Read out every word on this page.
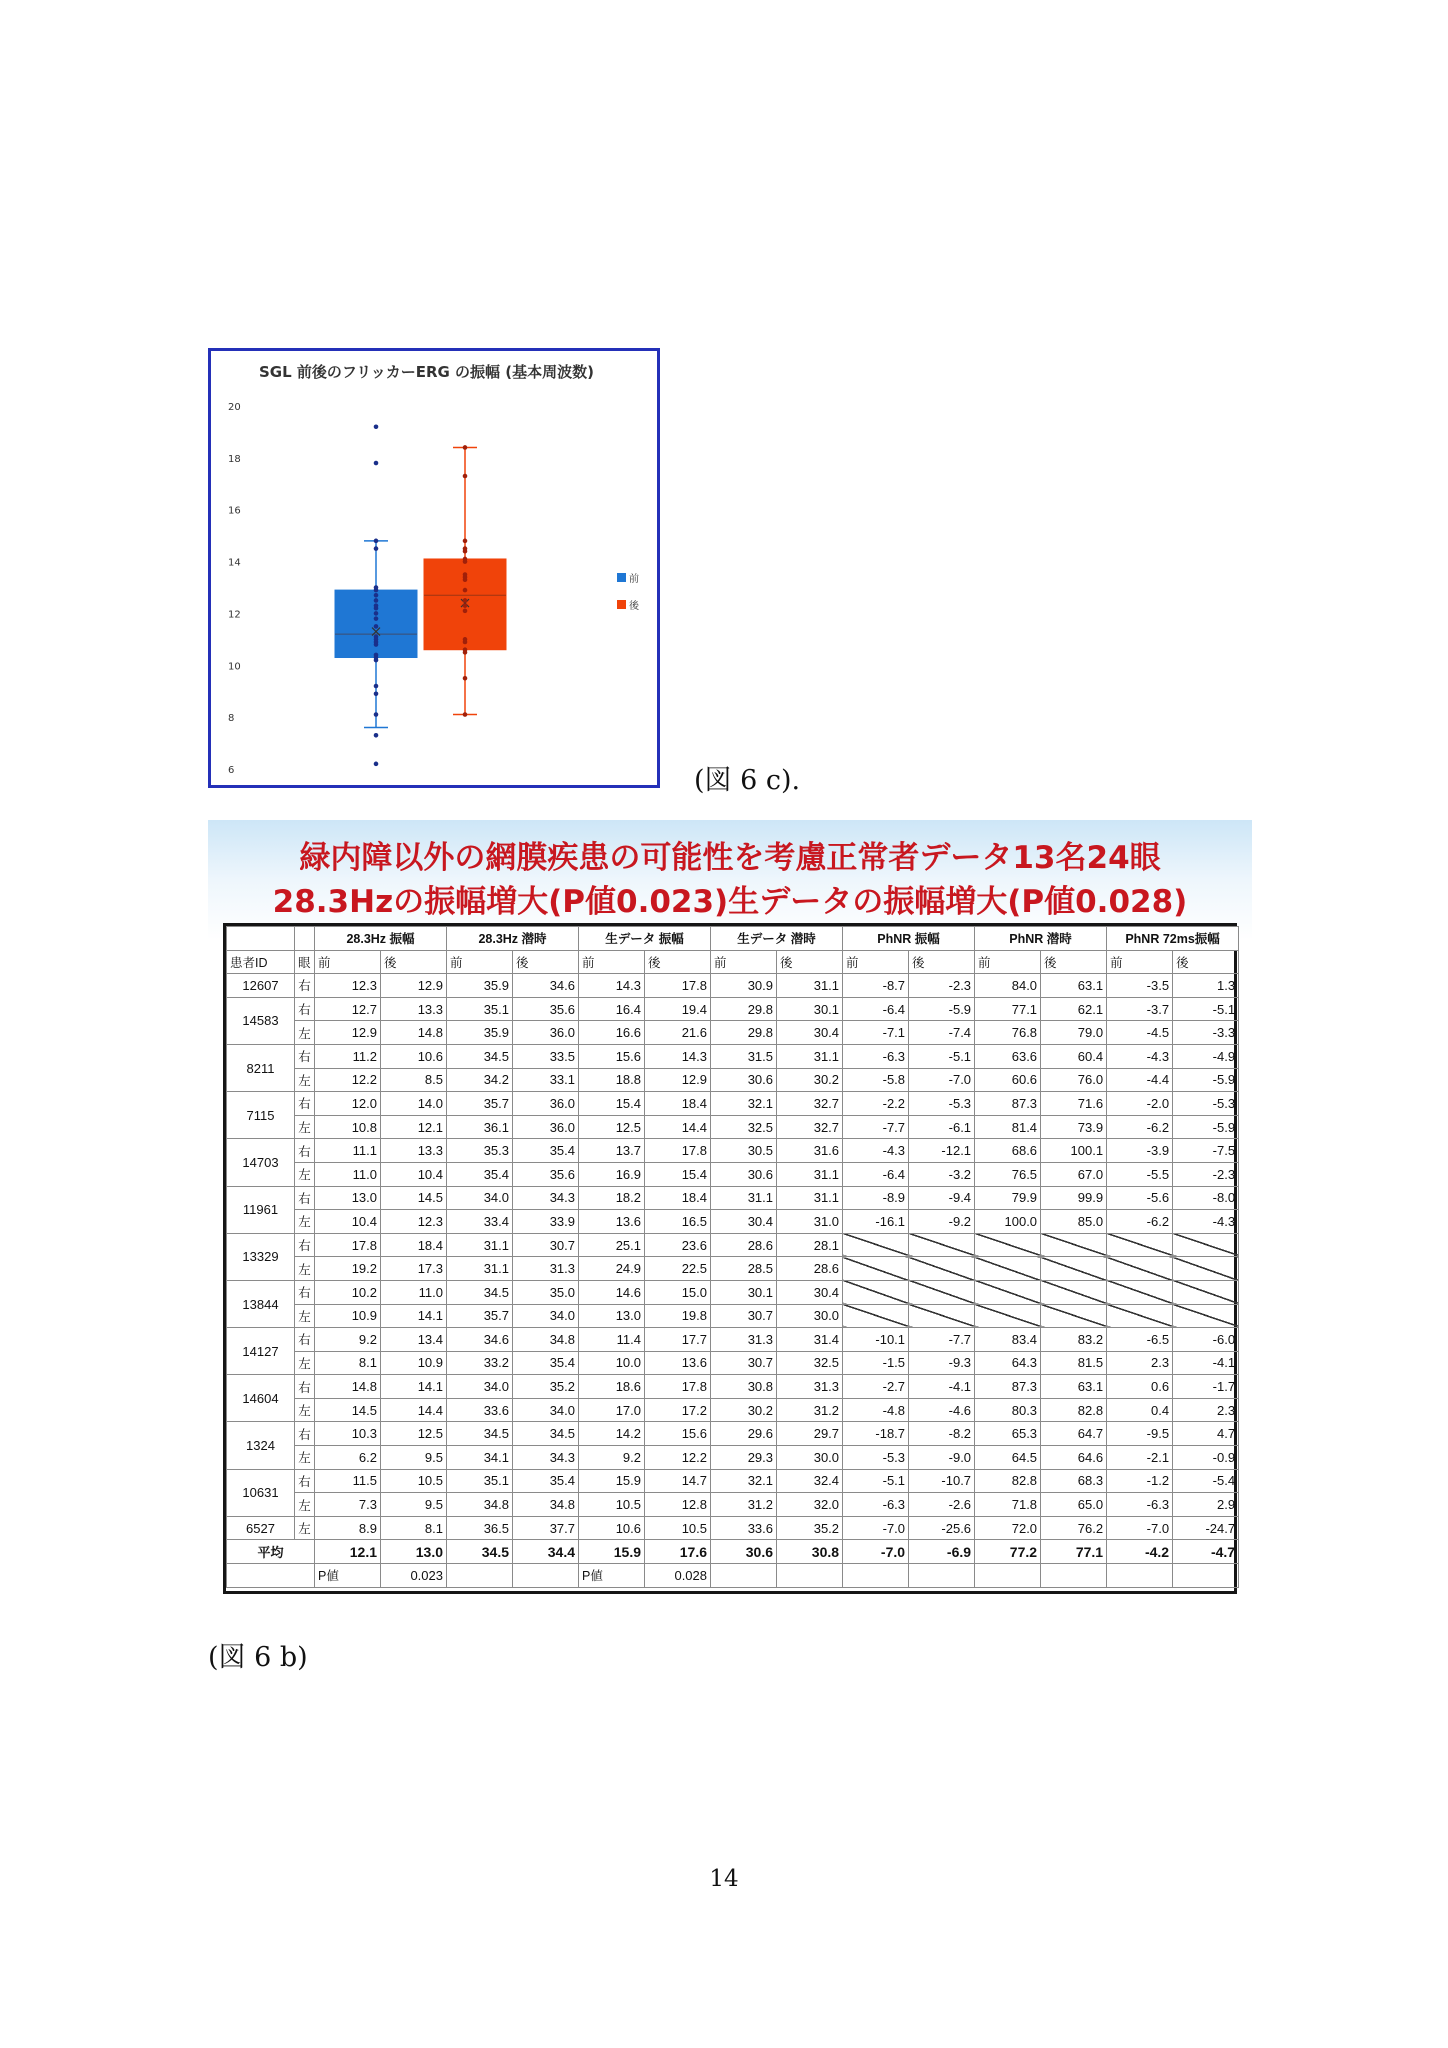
SGL 前後のフリッカーERG の振幅 (基本周波数)
20
18
16
14
12
10
8
6
前
後
(図 6 c).
緑内障以外の網膜疾患の可能性を考慮正常者データ13名24眼
28.3Hzの振幅増大(P値0.023)生データの振幅増大(P値0.028)
		28.3Hz 振幅		28.3Hz 潜時		生データ 振幅		生データ 潜時		PhNR 振幅		PhNR 潜時		PhNR 72ms振幅	
患者ID	眼	前	後	前	後	前	後	前	後	前	後	前	後	前	後
12607	右	12.3	12.9	35.9	34.6	14.3	17.8	30.9	31.1	-8.7	-2.3	84.0	63.1	-3.5	1.3
14583	右	12.7	13.3	35.1	35.6	16.4	19.4	29.8	30.1	-6.4	-5.9	77.1	62.1	-3.7	-5.1
	左	12.9	14.8	35.9	36.0	16.6	21.6	29.8	30.4	-7.1	-7.4	76.8	79.0	-4.5	-3.3
8211	右	11.2	10.6	34.5	33.5	15.6	14.3	31.5	31.1	-6.3	-5.1	63.6	60.4	-4.3	-4.9
	左	12.2	8.5	34.2	33.1	18.8	12.9	30.6	30.2	-5.8	-7.0	60.6	76.0	-4.4	-5.9
7115	右	12.0	14.0	35.7	36.0	15.4	18.4	32.1	32.7	-2.2	-5.3	87.3	71.6	-2.0	-5.3
	左	10.8	12.1	36.1	36.0	12.5	14.4	32.5	32.7	-7.7	-6.1	81.4	73.9	-6.2	-5.9
14703	右	11.1	13.3	35.3	35.4	13.7	17.8	30.5	31.6	-4.3	-12.1	68.6	100.1	-3.9	-7.5
	左	11.0	10.4	35.4	35.6	16.9	15.4	30.6	31.1	-6.4	-3.2	76.5	67.0	-5.5	-2.3
11961	右	13.0	14.5	34.0	34.3	18.2	18.4	31.1	31.1	-8.9	-9.4	79.9	99.9	-5.6	-8.0
	左	10.4	12.3	33.4	33.9	13.6	16.5	30.4	31.0	-16.1	-9.2	100.0	85.0	-6.2	-4.3
13329	右	17.8	18.4	31.1	30.7	25.1	23.6	28.6	28.1						
	左	19.2	17.3	31.1	31.3	24.9	22.5	28.5	28.6						
13844	右	10.2	11.0	34.5	35.0	14.6	15.0	30.1	30.4						
	左	10.9	14.1	35.7	34.0	13.0	19.8	30.7	30.0						
14127	右	9.2	13.4	34.6	34.8	11.4	17.7	31.3	31.4	-10.1	-7.7	83.4	83.2	-6.5	-6.0
	左	8.1	10.9	33.2	35.4	10.0	13.6	30.7	32.5	-1.5	-9.3	64.3	81.5	2.3	-4.1
14604	右	14.8	14.1	34.0	35.2	18.6	17.8	30.8	31.3	-2.7	-4.1	87.3	63.1	0.6	-1.7
	左	14.5	14.4	33.6	34.0	17.0	17.2	30.2	31.2	-4.8	-4.6	80.3	82.8	0.4	2.3
1324	右	10.3	12.5	34.5	34.5	14.2	15.6	29.6	29.7	-18.7	-8.2	65.3	64.7	-9.5	4.7
	左	6.2	9.5	34.1	34.3	9.2	12.2	29.3	30.0	-5.3	-9.0	64.5	64.6	-2.1	-0.9
10631	右	11.5	10.5	35.1	35.4	15.9	14.7	32.1	32.4	-5.1	-10.7	82.8	68.3	-1.2	-5.4
	左	7.3	9.5	34.8	34.8	10.5	12.8	31.2	32.0	-6.3	-2.6	71.8	65.0	-6.3	2.9
6527	左	8.9	8.1	36.5	37.7	10.6	10.5	33.6	35.2	-7.0	-25.6	72.0	76.2	-7.0	-24.7
平均		12.1	13.0	34.5	34.4	15.9	17.6	30.6	30.8	-7.0	-6.9	77.2	77.1	-4.2	-4.7
		P値	0.023			P値	0.028								
(図 6 b)
14
